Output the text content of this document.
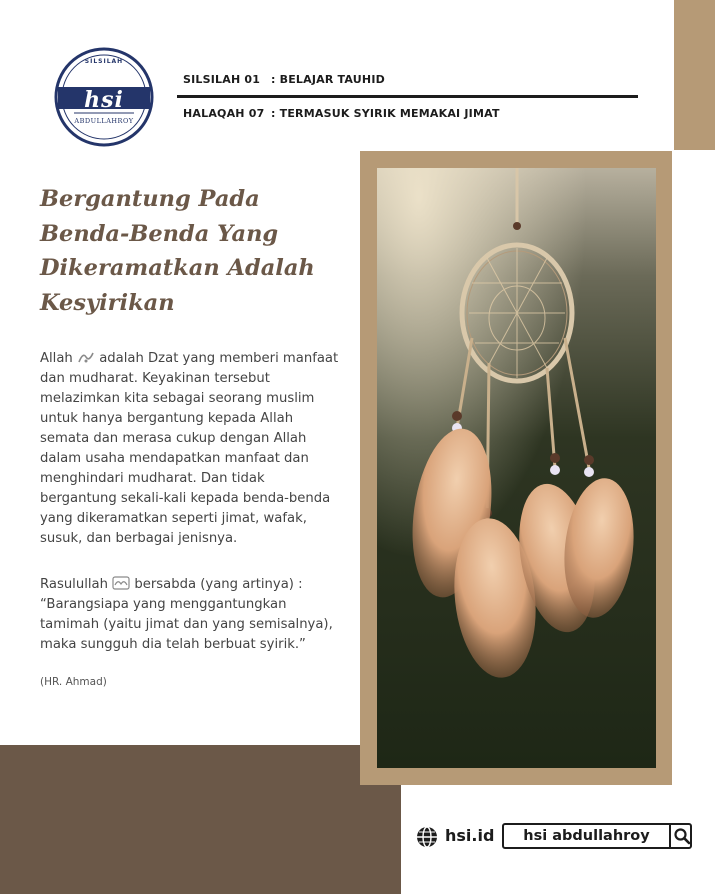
SILSILAH
hsi
ABDULLAHROY
SILSILAH 01 : BELAJAR TAUHID
HALAQAH 07 : TERMASUK SYIRIK MEMAKAI JIMAT
Bergantung Pada
Benda-Benda Yang
Dikeramatkan Adalah
Kesyirikan
Allah adalah Dzat yang memberi manfaat
dan mudharat. Keyakinan tersebut
melazimkan kita sebagai seorang muslim
untuk hanya bergantung kepada Allah
semata dan merasa cukup dengan Allah
dalam usaha mendapatkan manfaat dan
menghindari mudharat. Dan tidak
bergantung sekali-kali kepada benda-benda
yang dikeramatkan seperti jimat, wafak,
susuk, dan berbagai jenisnya.
Rasulullah bersabda (yang artinya) :
“Barangsiapa yang menggantungkan
tamimah (yaitu jimat dan yang semisalnya),
maka sungguh dia telah berbuat syirik.”
(HR. Ahmad)
hsi.id	hsi abdullahroy
